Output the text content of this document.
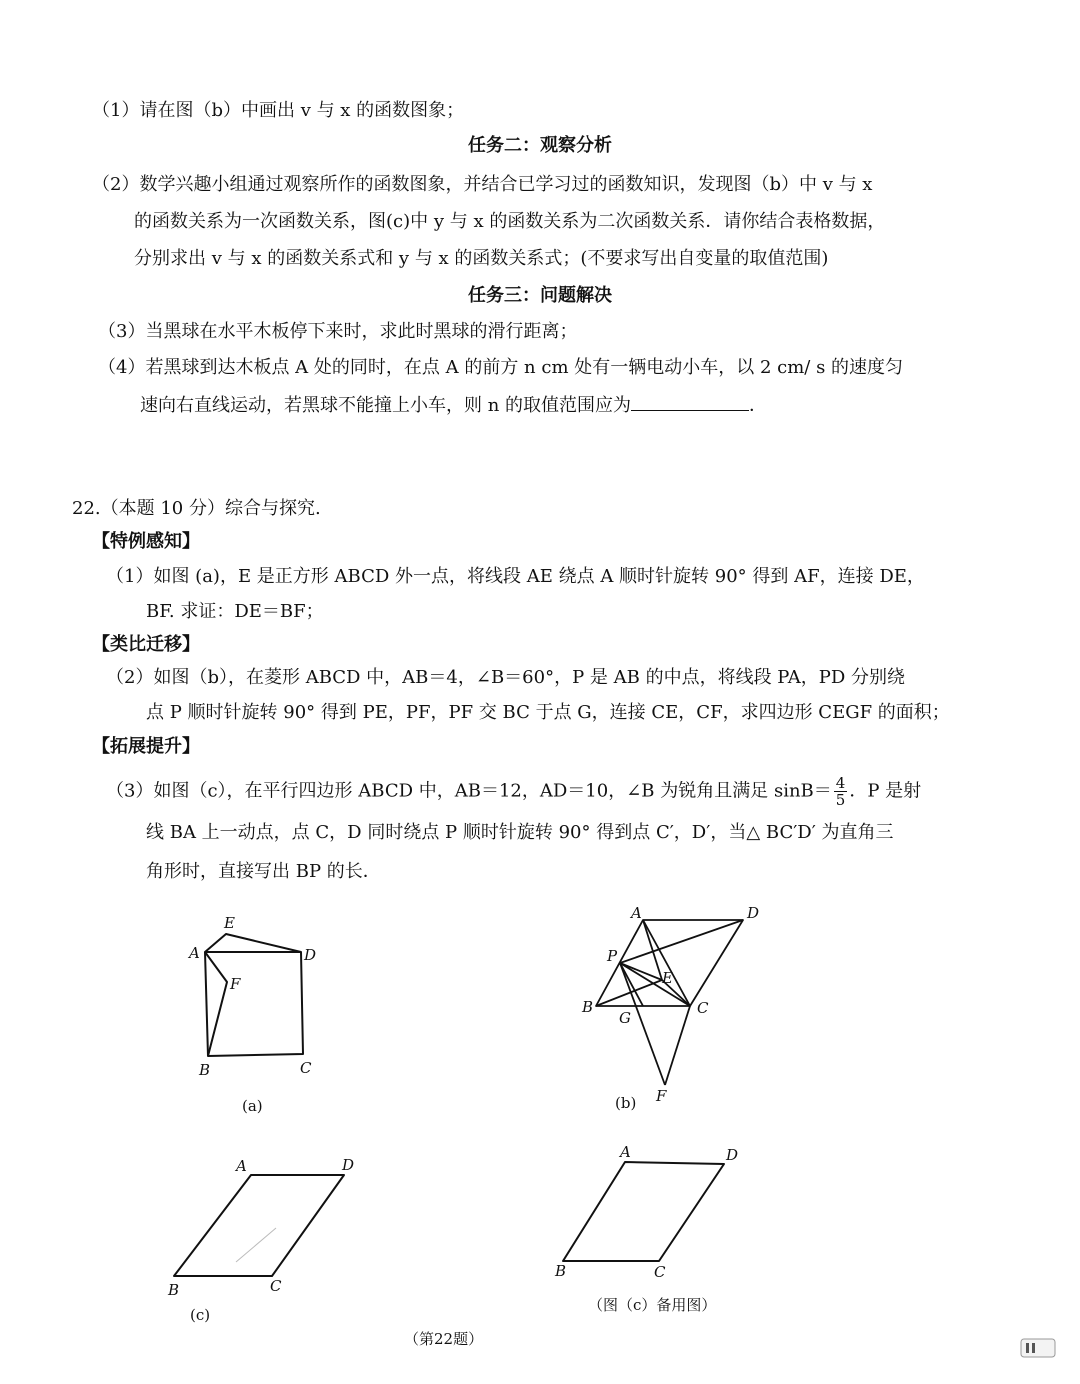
（1）请在图（b）中画出 v 与 x 的函数图象；
任务二：观察分析
（2）数学兴趣小组通过观察所作的函数图象，并结合已学习过的函数知识，发现图（b）中 v 与 x
的函数关系为一次函数关系，图(c)中 y 与 x 的函数关系为二次函数关系．请你结合表格数据，
分别求出 v 与 x 的函数关系式和 y 与 x 的函数关系式；(不要求写出自变量的取值范围)
任务三：问题解决
（3）当黑球在水平木板停下来时，求此时黑球的滑行距离；
（4）若黑球到达木板点 A 处的同时，在点 A 的前方 n cm 处有一辆电动小车，以 2 cm/ s 的速度匀
速向右直线运动，若黑球不能撞上小车，则 n 的取值范围应为	．
22.（本题 10 分）综合与探究.
【特例感知】
（1）如图 (a)，E 是正方形 ABCD 外一点，将线段 AE 绕点 A 顺时针旋转 90° 得到 AF，连接 DE，
BF. 求证：DE＝BF；
【类比迁移】
（2）如图（b），在菱形 ABCD 中，AB＝4，∠B＝60°，P 是 AB 的中点，将线段 PA，PD 分别绕
点 P 顺时针旋转 90° 得到 PE，PF，PF 交 BC 于点 G，连接 CE，CF，求四边形 CEGF 的面积；
【拓展提升】
（3）如图（c），在平行四边形 ABCD 中，AB＝12，AD＝10，∠B 为锐角且满足 $\sin B= \frac{4}{5}$ ．P 是射
线 BA 上一动点，点 C，D 同时绕点 P 顺时针旋转 90° 得到点 C′，D′，当△ BC′D′ 为直角三
角形时，直接写出 BP 的长．
E
A	D
F
B	C
(a)
A	D
P
E
B	C
G
F
(b)
A	D
B	C
(c)
A	D
B	C
（图（c）备用图）
（第22题）
